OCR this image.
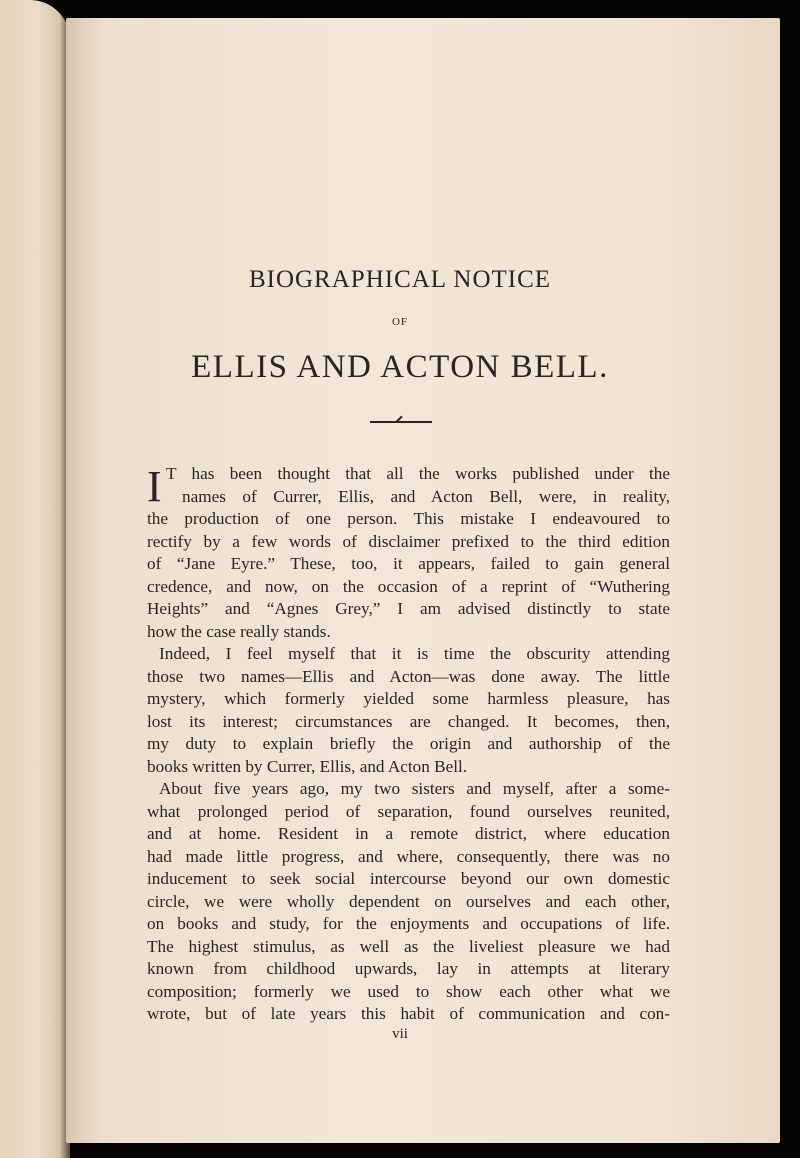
BIOGRAPHICAL NOTICE
OF
ELLIS AND ACTON BELL.
I T has been thought that all the works published under the
names of Currer, Ellis, and Acton Bell, were, in reality,
the production of one person. This mistake I endeavoured to
rectify by a few words of disclaimer prefixed to the third edition
of “Jane Eyre.” These, too, it appears, failed to gain general
credence, and now, on the occasion of a reprint of “Wuthering
Heights” and “Agnes Grey,” I am advised distinctly to state
how the case really stands.
Indeed, I feel myself that it is time the obscurity attending
those two names—Ellis and Acton—was done away. The little
mystery, which formerly yielded some harmless pleasure, has
lost its interest; circumstances are changed. It becomes, then,
my duty to explain briefly the origin and authorship of the
books written by Currer, Ellis, and Acton Bell.
About five years ago, my two sisters and myself, after a some-
what prolonged period of separation, found ourselves reunited,
and at home. Resident in a remote district, where education
had made little progress, and where, consequently, there was no
inducement to seek social intercourse beyond our own domestic
circle, we were wholly dependent on ourselves and each other,
on books and study, for the enjoyments and occupations of life.
The highest stimulus, as well as the liveliest pleasure we had
known from childhood upwards, lay in attempts at literary
composition; formerly we used to show each other what we
wrote, but of late years this habit of communication and con-
vii
